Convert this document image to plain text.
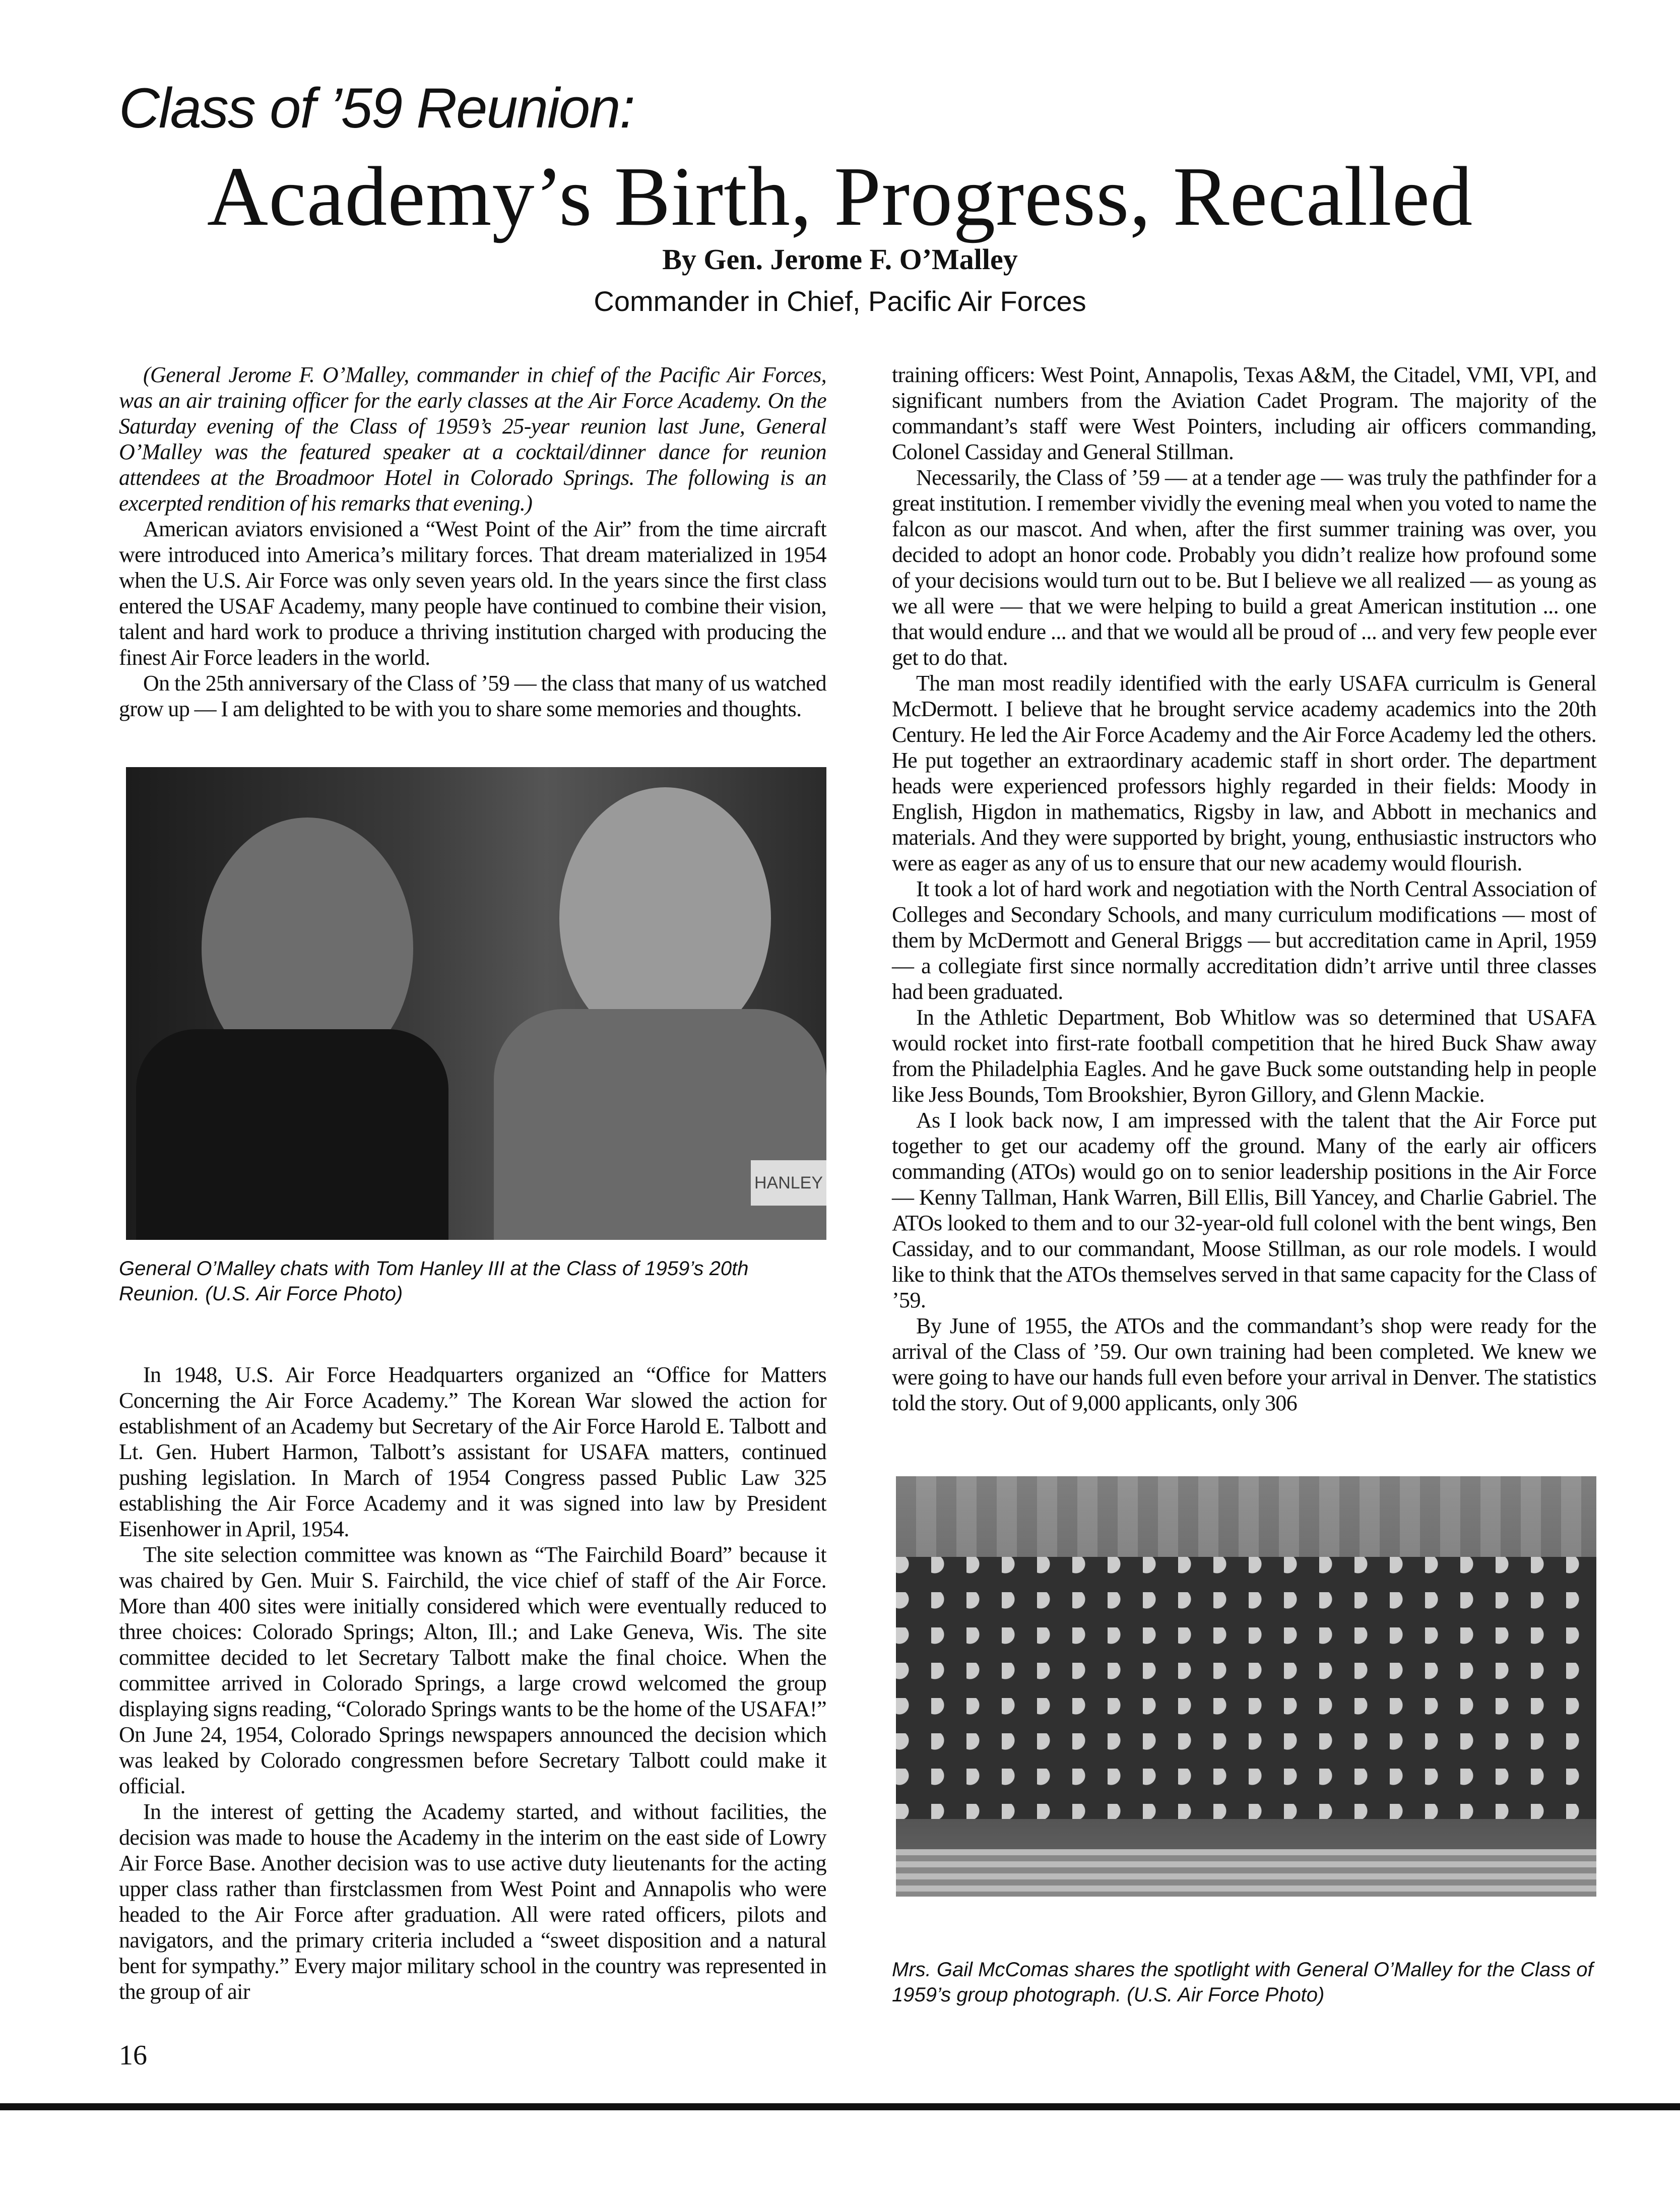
Class of ’59 Reunion:
Academy’s Birth, Progress, Recalled
By Gen. Jerome F. O’Malley
Commander in Chief, Pacific Air Forces

(General Jerome F. O’Malley, commander in chief of the Pacific Air Forces, was an air training officer for the early classes at the Air Force Academy. On the Saturday evening of the Class of 1959’s 25-year reunion last June, General O’Malley was the featured speaker at a cocktail/dinner dance for reunion attendees at the Broadmoor Hotel in Colorado Springs. The following is an excerpted rendition of his remarks that evening.)

American aviators envisioned a “West Point of the Air” from the time aircraft were introduced into America’s military forces. That dream materialized in 1954 when the U.S. Air Force was only seven years old. In the years since the first class entered the USAF Academy, many people have continued to combine their vision, talent and hard work to produce a thriving institution charged with producing the finest Air Force leaders in the world.

On the 25th anniversary of the Class of ’59 — the class that many of us watched grow up — I am delighted to be with you to share some memories and thoughts.

HANLEY
General O’Malley chats with Tom Hanley III at the Class of 1959’s 20th Reunion. (U.S. Air Force Photo)

In 1948, U.S. Air Force Headquarters organized an “Office for Matters Concerning the Air Force Academy.” The Korean War slowed the action for establishment of an Academy but Secretary of the Air Force Harold E. Talbott and Lt. Gen. Hubert Harmon, Talbott’s assistant for USAFA matters, continued pushing legislation. In March of 1954 Congress passed Public Law 325 establishing the Air Force Academy and it was signed into law by President Eisenhower in April, 1954.

The site selection committee was known as “The Fairchild Board” because it was chaired by Gen. Muir S. Fairchild, the vice chief of staff of the Air Force. More than 400 sites were initially considered which were eventually reduced to three choices: Colorado Springs; Alton, Ill.; and Lake Geneva, Wis. The site committee decided to let Secretary Talbott make the final choice. When the committee arrived in Colorado Springs, a large crowd welcomed the group displaying signs reading, “Colorado Springs wants to be the home of the USAFA!” On June 24, 1954, Colorado Springs newspapers announced the decision which was leaked by Colorado congressmen before Secretary Talbott could make it official.

In the interest of getting the Academy started, and without facilities, the decision was made to house the Academy in the interim on the east side of Lowry Air Force Base. Another decision was to use active duty lieutenants for the acting upper class rather than firstclassmen from West Point and Annapolis who were headed to the Air Force after graduation. All were rated officers, pilots and navigators, and the primary criteria included a “sweet disposition and a natural bent for sympathy.” Every major military school in the country was represented in the group of air

training officers: West Point, Annapolis, Texas A&M, the Citadel, VMI, VPI, and significant numbers from the Aviation Cadet Program. The majority of the commandant’s staff were West Pointers, including air officers commanding, Colonel Cassiday and General Stillman.

Necessarily, the Class of ’59 — at a tender age — was truly the pathfinder for a great institution. I remember vividly the evening meal when you voted to name the falcon as our mascot. And when, after the first summer training was over, you decided to adopt an honor code. Probably you didn’t realize how profound some of your decisions would turn out to be. But I believe we all realized — as young as we all were — that we were helping to build a great American institution ... one that would endure ... and that we would all be proud of ... and very few people ever get to do that.

The man most readily identified with the early USAFA curriculm is General McDermott. I believe that he brought service academy academics into the 20th Century. He led the Air Force Academy and the Air Force Academy led the others. He put together an extraordinary academic staff in short order. The department heads were experienced professors highly regarded in their fields: Moody in English, Higdon in mathematics, Rigsby in law, and Abbott in mechanics and materials. And they were supported by bright, young, enthusiastic instructors who were as eager as any of us to ensure that our new academy would flourish.

It took a lot of hard work and negotiation with the North Central Association of Colleges and Secondary Schools, and many curriculum modifications — most of them by McDermott and General Briggs — but accreditation came in April, 1959 — a collegiate first since normally accreditation didn’t arrive until three classes had been graduated.

In the Athletic Department, Bob Whitlow was so determined that USAFA would rocket into first-rate football competition that he hired Buck Shaw away from the Philadelphia Eagles. And he gave Buck some outstanding help in people like Jess Bounds, Tom Brookshier, Byron Gillory, and Glenn Mackie.

As I look back now, I am impressed with the talent that the Air Force put together to get our academy off the ground. Many of the early air officers commanding (ATOs) would go on to senior leadership positions in the Air Force — Kenny Tallman, Hank Warren, Bill Ellis, Bill Yancey, and Charlie Gabriel. The ATOs looked to them and to our 32-year-old full colonel with the bent wings, Ben Cassiday, and to our commandant, Moose Stillman, as our role models. I would like to think that the ATOs themselves served in that same capacity for the Class of ’59.

By June of 1955, the ATOs and the commandant’s shop were ready for the arrival of the Class of ’59. Our own training had been completed. We knew we were going to have our hands full even before your arrival in Denver. The statistics told the story. Out of 9,000 applicants, only 306

Mrs. Gail McComas shares the spotlight with General O’Malley for the Class of 1959’s group photograph. (U.S. Air Force Photo)
16
